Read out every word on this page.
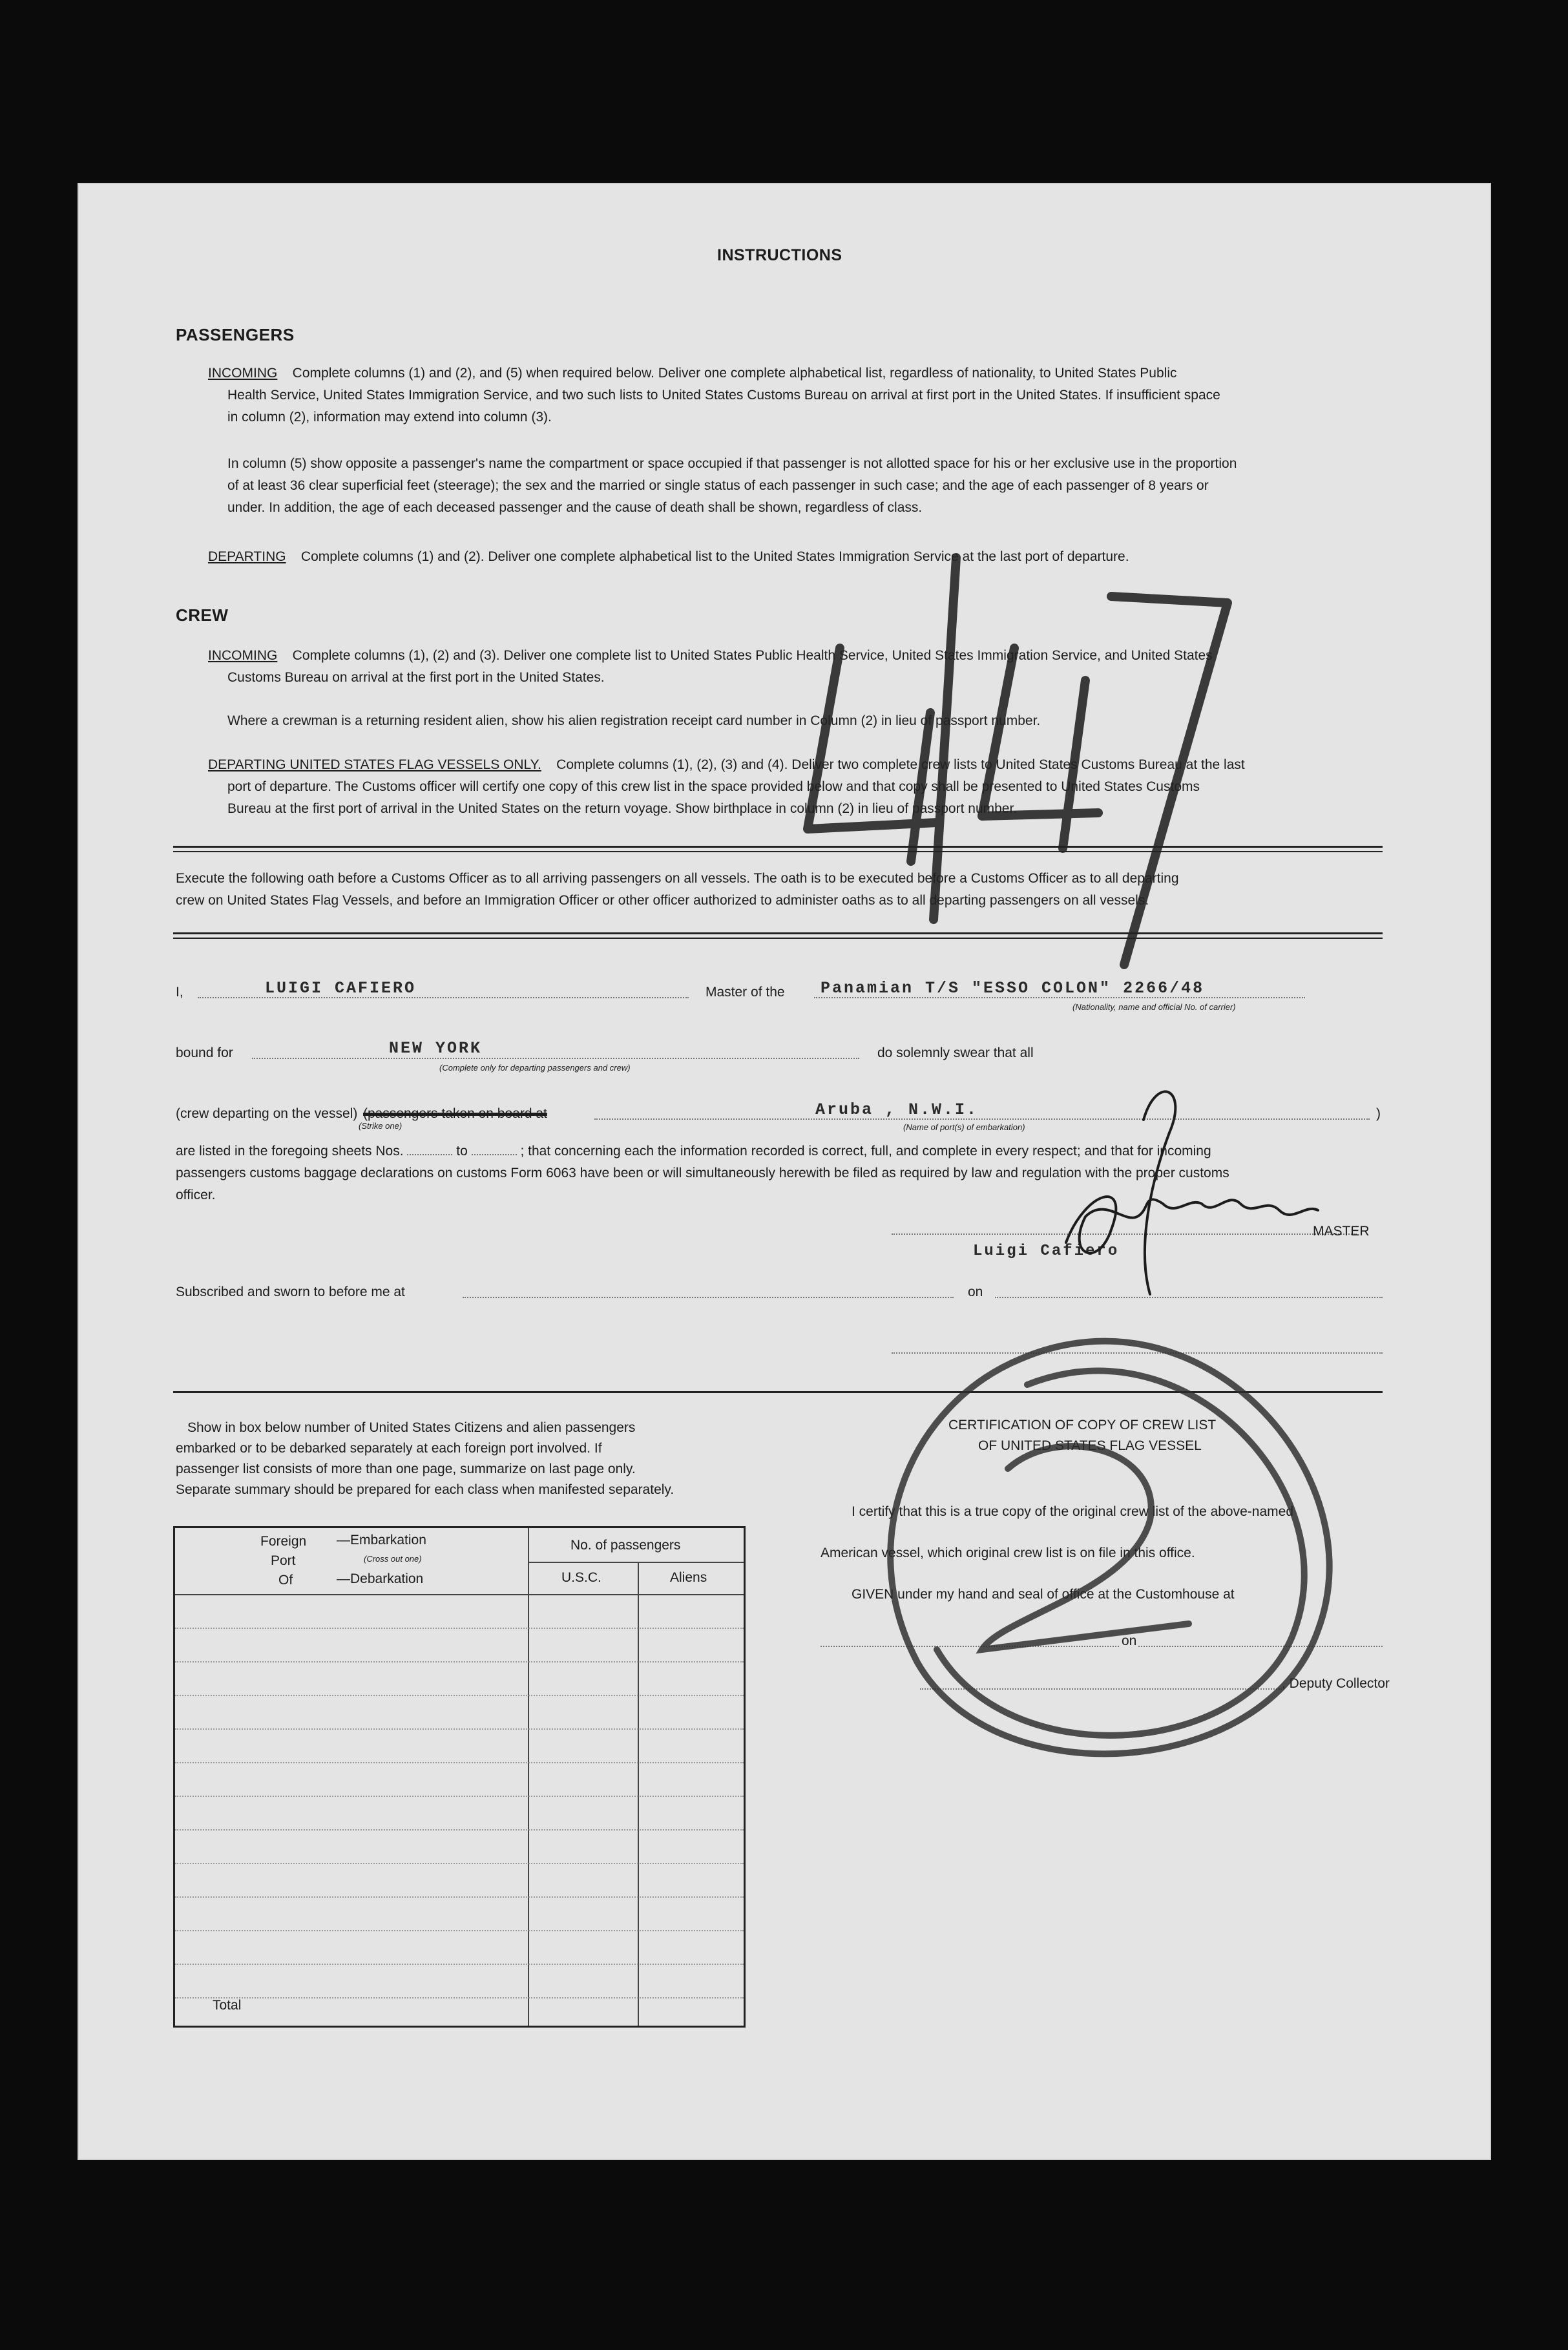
INSTRUCTIONS
PASSENGERS
INCOMING Complete columns (1) and (2), and (5) when required below. Deliver one complete alphabetical list, regardless of nationality, to United States Public
Health Service, United States Immigration Service, and two such lists to United States Customs Bureau on arrival at first port in the United States. If insufficient space
in column (2), information may extend into column (3).
In column (5) show opposite a passenger's name the compartment or space occupied if that passenger is not allotted space for his or her exclusive use in the proportion
of at least 36 clear superficial feet (steerage); the sex and the married or single status of each passenger in such case; and the age of each passenger of 8 years or
under. In addition, the age of each deceased passenger and the cause of death shall be shown, regardless of class.
DEPARTING Complete columns (1) and (2). Deliver one complete alphabetical list to the United States Immigration Service at the last port of departure.
CREW
INCOMING Complete columns (1), (2) and (3). Deliver one complete list to United States Public Health Service, United States Immigration Service, and United States
Customs Bureau on arrival at the first port in the United States.
Where a crewman is a returning resident alien, show his alien registration receipt card number in Column (2) in lieu of passport number.
DEPARTING UNITED STATES FLAG VESSELS ONLY. Complete columns (1), (2), (3) and (4). Deliver two complete crew lists to United States Customs Bureau at the last
port of departure. The Customs officer will certify one copy of this crew list in the space provided below and that copy shall be presented to United States Customs
Bureau at the first port of arrival in the United States on the return voyage. Show birthplace in column (2) in lieu of passport number.
Execute the following oath before a Customs Officer as to all arriving passengers on all vessels. The oath is to be executed before a Customs Officer as to all departing
crew on United States Flag Vessels, and before an Immigration Officer or other officer authorized to administer oaths as to all departing passengers on all vessels.
I,	LUIGI CAFIERO	Master of the Panamian T/S "ESSO COLON" 2266/48
(Nationality, name and official No. of carrier)
bound for	NEW YORK
(Complete only for departing passengers and crew)
do solemnly swear that all
(crew departing on the vessel) (passengers taken on board at
(Strike one)
Aruba , N.W.I.
(Name of port(s) of embarkation)
)
are listed in the foregoing sheets Nos.	to	; that concerning each the information recorded is correct, full, and complete in every respect; and that for incoming
passengers customs baggage declarations on customs Form 6063 have been or will simultaneously herewith be filed as required by law and regulation with the proper customs
officer.
MASTER
Luigi Cafiero
Subscribed and sworn to before me at	on
Show in box below number of United States Citizens and alien passengers
embarked or to be debarked separately at each foreign port involved. If
passenger list consists of more than one page, summarize on last page only.
Separate summary should be prepared for each class when manifested separately.
Foreign
Port
Of
—Embarkation
(Cross out one)
—Debarkation
No. of passengers
U.S.C.	Aliens
Total
CERTIFICATION OF COPY OF CREW LIST
OF UNITED STATES FLAG VESSEL
I certify that this is a true copy of the original crew list of the above-named
American vessel, which original crew list is on file in this office.
GIVEN under my hand and seal of office at the Customhouse at
on
, Deputy Collector
